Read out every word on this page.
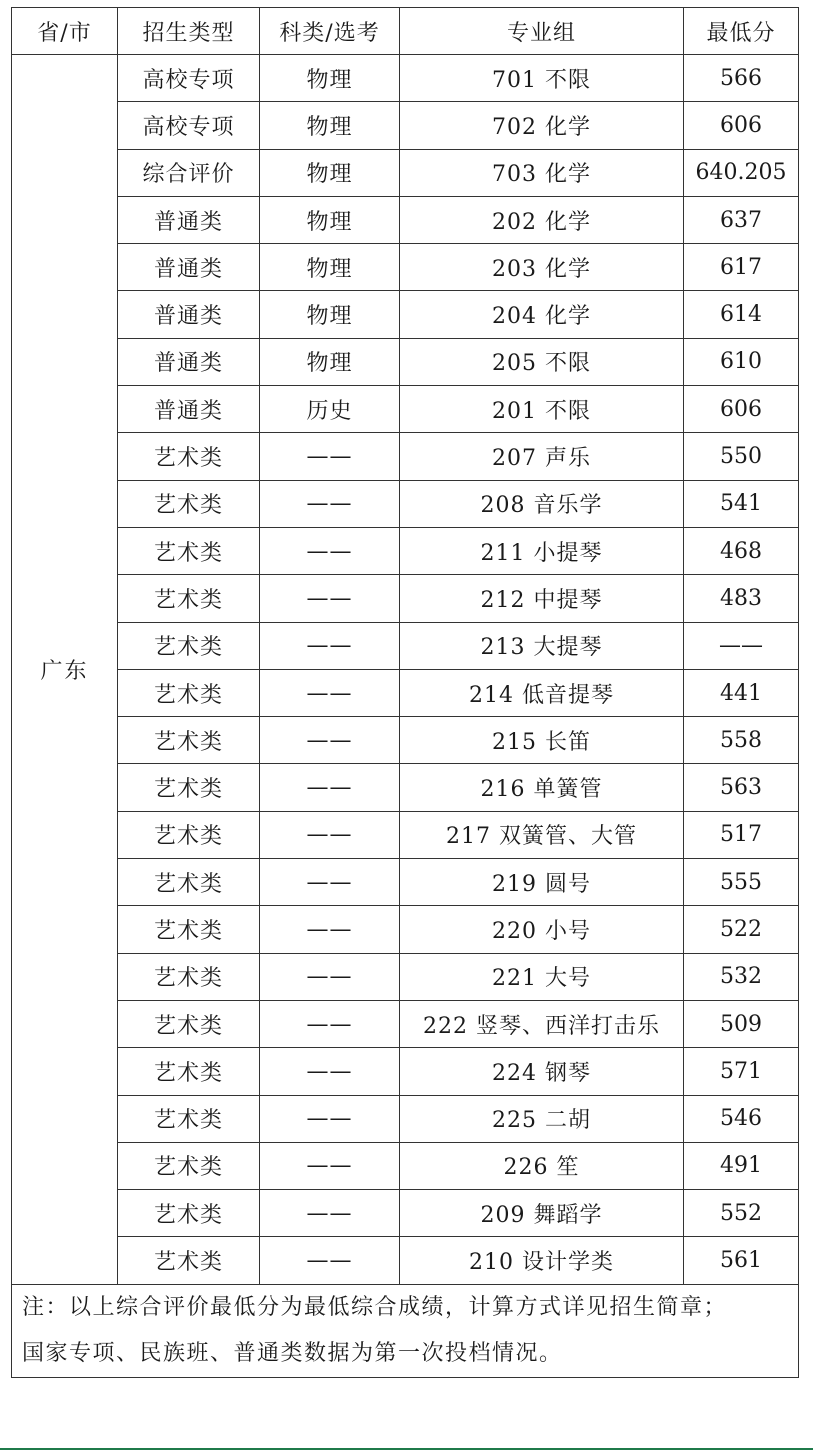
省/市	招生类型	科类/选考	专业组	最低分
广东	高校专项	物理	701 不限	566
	高校专项	物理	702 化学	606
	综合评价	物理	703 化学	640.205
	普通类	物理	202 化学	637
	普通类	物理	203 化学	617
	普通类	物理	204 化学	614
	普通类	物理	205 不限	610
	普通类	历史	201 不限	606
	艺术类	——	207 声乐	550
	艺术类	——	208 音乐学	541
	艺术类	——	211 小提琴	468
	艺术类	——	212 中提琴	483
	艺术类	——	213 大提琴	——
	艺术类	——	214 低音提琴	441
	艺术类	——	215 长笛	558
	艺术类	——	216 单簧管	563
	艺术类	——	217 双簧管、大管	517
	艺术类	——	219 圆号	555
	艺术类	——	220 小号	522
	艺术类	——	221 大号	532
	艺术类	——	222 竖琴、西洋打击乐	509
	艺术类	——	224 钢琴	571
	艺术类	——	225 二胡	546
	艺术类	——	226 笙	491
	艺术类	——	209 舞蹈学	552
	艺术类	——	210 设计学类	561

注：以上综合评价最低分为最低综合成绩，计算方式详见招生简章；
国家专项、民族班、普通类数据为第一次投档情况。				
